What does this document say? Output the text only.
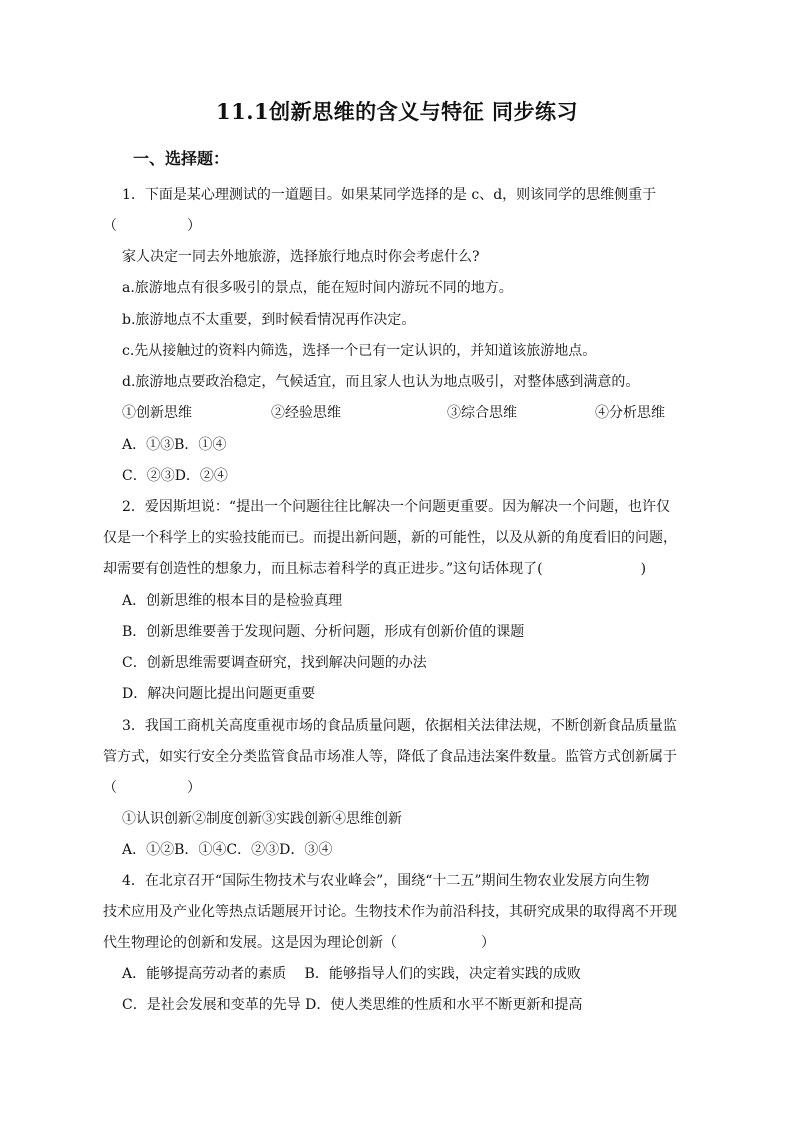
11.1创新思维的含义与特征 同步练习
一、选择题：

1．下面是某心理测试的一道题目。如果某同学选择的是 c、d，则该同学的思维侧重于

（　　　　　）

家人决定一同去外地旅游，选择旅行地点时你会考虑什么?

a.旅游地点有很多吸引的景点，能在短时间内游玩不同的地方。

b.旅游地点不太重要，到时候看情况再作决定。

c.先从接触过的资料内筛选，选择一个已有一定认识的，并知道该旅游地点。

d.旅游地点要政治稳定，气候适宜，而且家人也认为地点吸引，对整体感到满意的。

①创新思维	②经验思维	③综合思维	④分析思维

A．①③B．①④

C．②③D．②④

2．爱因斯坦说：“提出一个问题往往比解决一个问题更重要。因为解决一个问题，也许仅

仅是一个科学上的实验技能而已。而提出新问题，新的可能性，以及从新的角度看旧的问题，

却需要有创造性的想象力，而且标志着科学的真正进步。”这句话体现了(　　　　　　　)

A．创新思维的根本目的是检验真理

B．创新思维要善于发现问题、分析问题，形成有创新价值的课题

C．创新思维需要调查研究，找到解决问题的办法

D．解决问题比提出问题更重要

3．我国工商机关高度重视市场的食品质量问题，依据相关法律法规，不断创新食品质量监

管方式，如实行安全分类监管食品市场准人等，降低了食品违法案件数量。监管方式创新属于

（　　　　　）

①认识创新②制度创新③实践创新④思维创新

A．①②B．①④C．②③D．③④

4．在北京召开“国际生物技术与农业峰会”，围绕“十二五”期间生物农业发展方向生物

技术应用及产业化等热点话题展开讨论。生物技术作为前沿科技，其研究成果的取得离不开现

代生物理论的创新和发展。这是因为理论创新（　　　　　　）

A．能够提高劳动者的素质　 B．能够指导人们的实践，决定着实践的成败

C．是社会发展和变革的先导 D．使人类思维的性质和水平不断更新和提高
